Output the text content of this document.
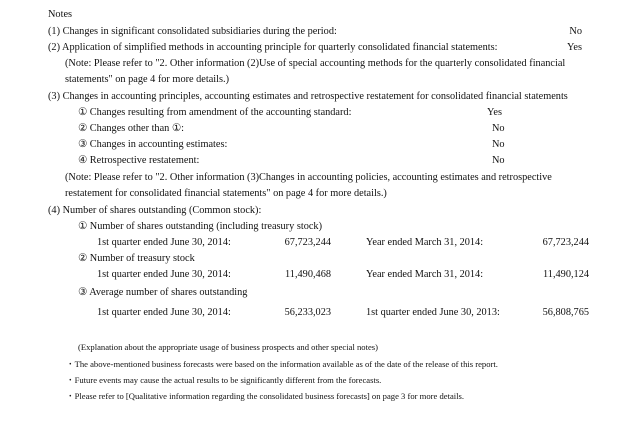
Notes
(1) Changes in significant consolidated subsidiaries during the period:	No
(2) Application of simplified methods in accounting principle for quarterly consolidated financial statements:	Yes
(Note: Please refer to "2. Other information (2)Use of special accounting methods for the quarterly consolidated financial
statements" on page 4 for more details.)
(3) Changes in accounting principles, accounting estimates and retrospective restatement for consolidated financial statements
① Changes resulting from amendment of the accounting standard:	Yes
② Changes other than ①:	No
③ Changes in accounting estimates:	No
④ Retrospective restatement:	No
(Note: Please refer to "2. Other information (3)Changes in accounting policies, accounting estimates and retrospective
restatement for consolidated financial statements" on page 4 for more details.)
(4) Number of shares outstanding (Common stock):
① Number of shares outstanding (including treasury stock)
1st quarter ended June 30, 2014:	67,723,244	Year ended March 31, 2014:	67,723,244
② Number of treasury stock
1st quarter ended June 30, 2014:	11,490,468	Year ended March 31, 2014:	11,490,124
③ Average number of shares outstanding
1st quarter ended June 30, 2014:	56,233,023	1st quarter ended June 30, 2013:	56,808,765
(Explanation about the appropriate usage of business prospects and other special notes)
・The above-mentioned business forecasts were based on the information available as of the date of the release of this report.
・Future events may cause the actual results to be significantly different from the forecasts.
・Please refer to [Qualitative information regarding the consolidated business forecasts] on page 3 for more details.
